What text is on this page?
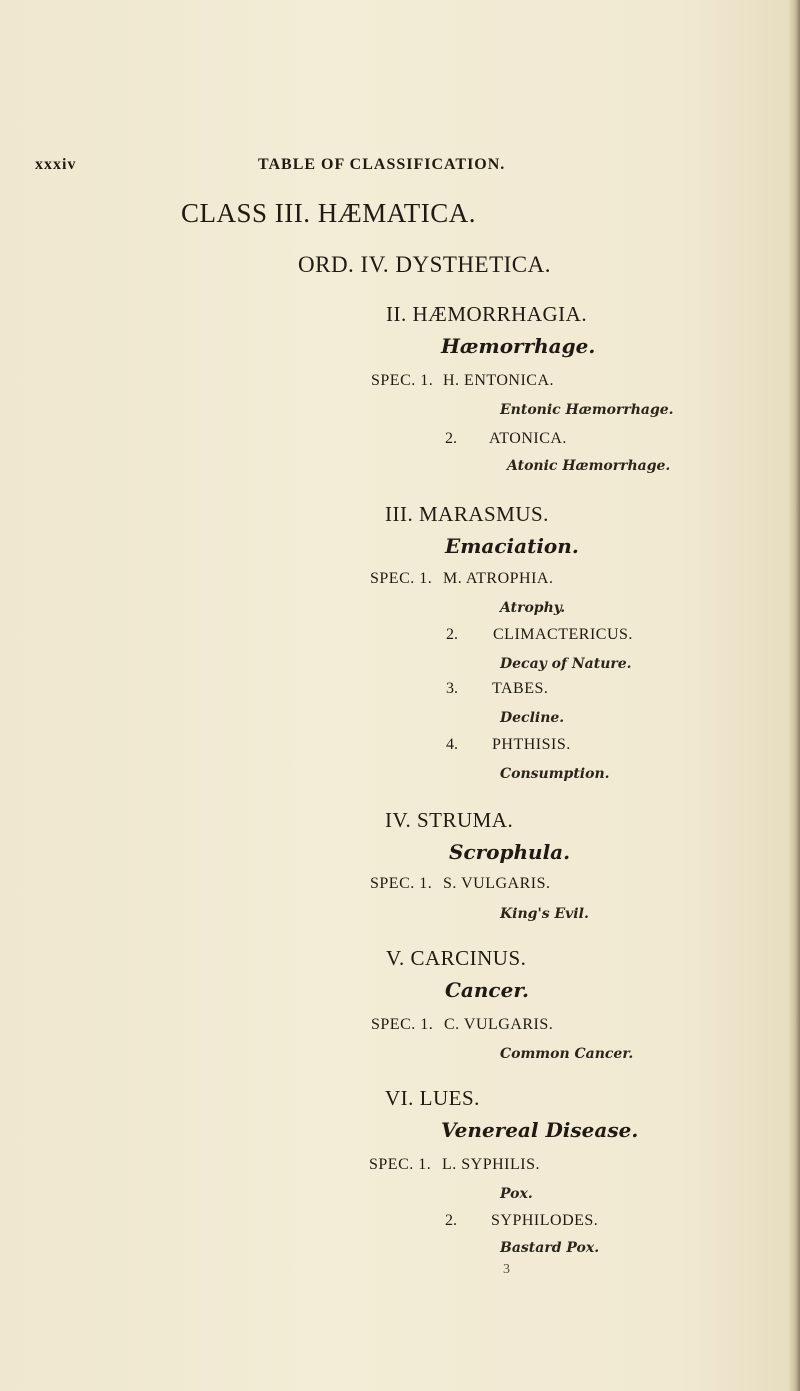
xxxiv	TABLE OF CLASSIFICATION.
CLASS III. HÆMATICA.
ORD. IV. DYSTHETICA.
II. HÆMORRHAGIA.
Hæmorrhage.
SPEC. 1. H. ENTONICA.
Entonic Hæmorrhage.
2. ATONICA.
Atonic Hæmorrhage.
III. MARASMUS.
Emaciation.
SPEC. 1. M. ATROPHIA.
Atrophy.
2. CLIMACTERICUS.
Decay of Nature.
3. TABES.
Decline.
4. PHTHISIS.
Consumption.
IV. STRUMA.
Scrophula.
SPEC. 1. S. VULGARIS.
King's Evil.
V. CARCINUS.
Cancer.
SPEC. 1. C. VULGARIS.
Common Cancer.
VI. LUES.
Venereal Disease.
SPEC. 1. L. SYPHILIS.
Pox.
2. SYPHILODES.
Bastard Pox.
3
